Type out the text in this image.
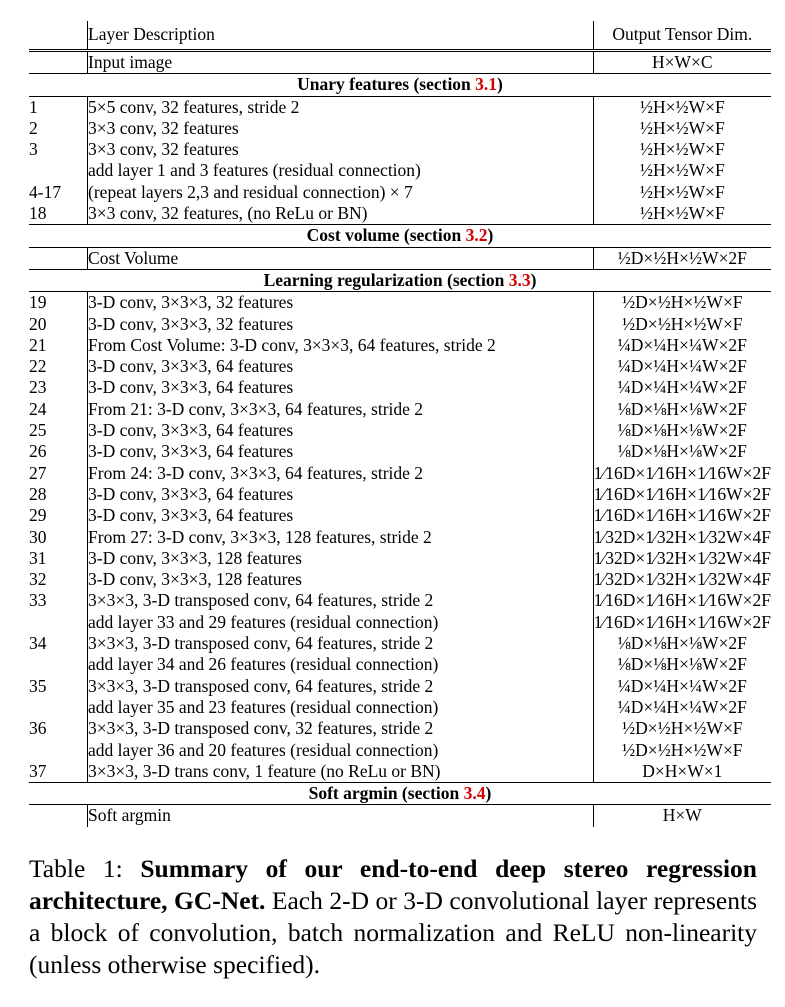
	Layer Description	Output Tensor Dim.
	Input image	H×W×C
Unary features (section 3.1)		
1	5×5 conv, 32 features, stride 2	½H×½W×F
2	3×3 conv, 32 features	½H×½W×F
3	3×3 conv, 32 features	½H×½W×F
	add layer 1 and 3 features (residual connection)	½H×½W×F
4-17	(repeat layers 2,3 and residual connection) × 7	½H×½W×F
18	3×3 conv, 32 features, (no ReLu or BN)	½H×½W×F
Cost volume (section 3.2)		
	Cost Volume	½D×½H×½W×2F
Learning regularization (section 3.3)		
19	3-D conv, 3×3×3, 32 features	½D×½H×½W×F
20	3-D conv, 3×3×3, 32 features	½D×½H×½W×F
21	From Cost Volume: 3-D conv, 3×3×3, 64 features, stride 2	¼D×¼H×¼W×2F
22	3-D conv, 3×3×3, 64 features	¼D×¼H×¼W×2F
23	3-D conv, 3×3×3, 64 features	¼D×¼H×¼W×2F
24	From 21: 3-D conv, 3×3×3, 64 features, stride 2	⅛D×⅛H×⅛W×2F
25	3-D conv, 3×3×3, 64 features	⅛D×⅛H×⅛W×2F
26	3-D conv, 3×3×3, 64 features	⅛D×⅛H×⅛W×2F
27	From 24: 3-D conv, 3×3×3, 64 features, stride 2	1⁄16D×1⁄16H×1⁄16W×2F
28	3-D conv, 3×3×3, 64 features	1⁄16D×1⁄16H×1⁄16W×2F
29	3-D conv, 3×3×3, 64 features	1⁄16D×1⁄16H×1⁄16W×2F
30	From 27: 3-D conv, 3×3×3, 128 features, stride 2	1⁄32D×1⁄32H×1⁄32W×4F
31	3-D conv, 3×3×3, 128 features	1⁄32D×1⁄32H×1⁄32W×4F
32	3-D conv, 3×3×3, 128 features	1⁄32D×1⁄32H×1⁄32W×4F
33	3×3×3, 3-D transposed conv, 64 features, stride 2	1⁄16D×1⁄16H×1⁄16W×2F
	add layer 33 and 29 features (residual connection)	1⁄16D×1⁄16H×1⁄16W×2F
34	3×3×3, 3-D transposed conv, 64 features, stride 2	⅛D×⅛H×⅛W×2F
	add layer 34 and 26 features (residual connection)	⅛D×⅛H×⅛W×2F
35	3×3×3, 3-D transposed conv, 64 features, stride 2	¼D×¼H×¼W×2F
	add layer 35 and 23 features (residual connection)	¼D×¼H×¼W×2F
36	3×3×3, 3-D transposed conv, 32 features, stride 2	½D×½H×½W×F
	add layer 36 and 20 features (residual connection)	½D×½H×½W×F
37	3×3×3, 3-D trans conv, 1 feature (no ReLu or BN)	D×H×W×1
Soft argmin (section 3.4)		
	Soft argmin	H×W
Table 1: Summary of our end-to-end deep stereo regression architecture, GC-Net. Each 2-D or 3-D convolutional layer represents a block of convolution, batch normalization and ReLU non-linearity (unless otherwise specified).
